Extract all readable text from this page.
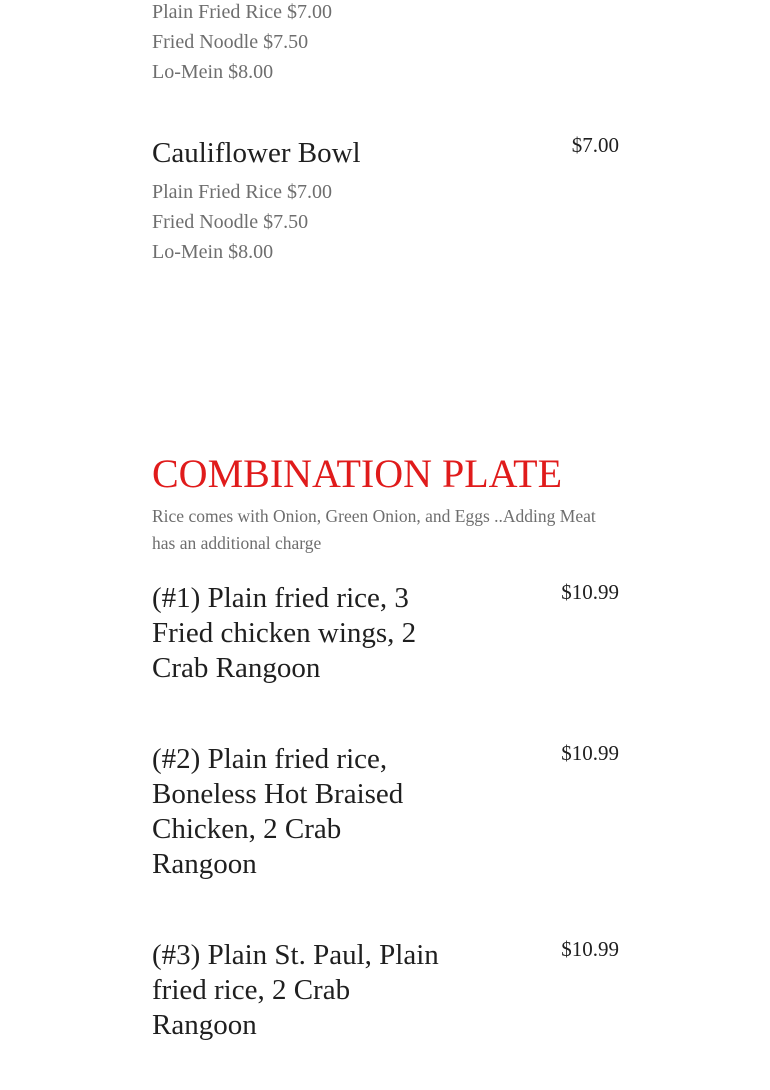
Plain Fried Rice $7.00
Fried Noodle $7.50
Lo-Mein $8.00
Cauliflower Bowl	$7.00
Plain Fried Rice $7.00
Fried Noodle $7.50
Lo-Mein $8.00
COMBINATION PLATE
Rice comes with Onion, Green Onion, and Eggs ..Adding Meat has an additional charge
(#1) Plain fried rice, 3 Fried chicken wings, 2 Crab Rangoon
$10.99
(#2) Plain fried rice, Boneless Hot Braised Chicken, 2 Crab Rangoon
$10.99
(#3) Plain St. Paul, Plain fried rice, 2 Crab Rangoon
$10.99
